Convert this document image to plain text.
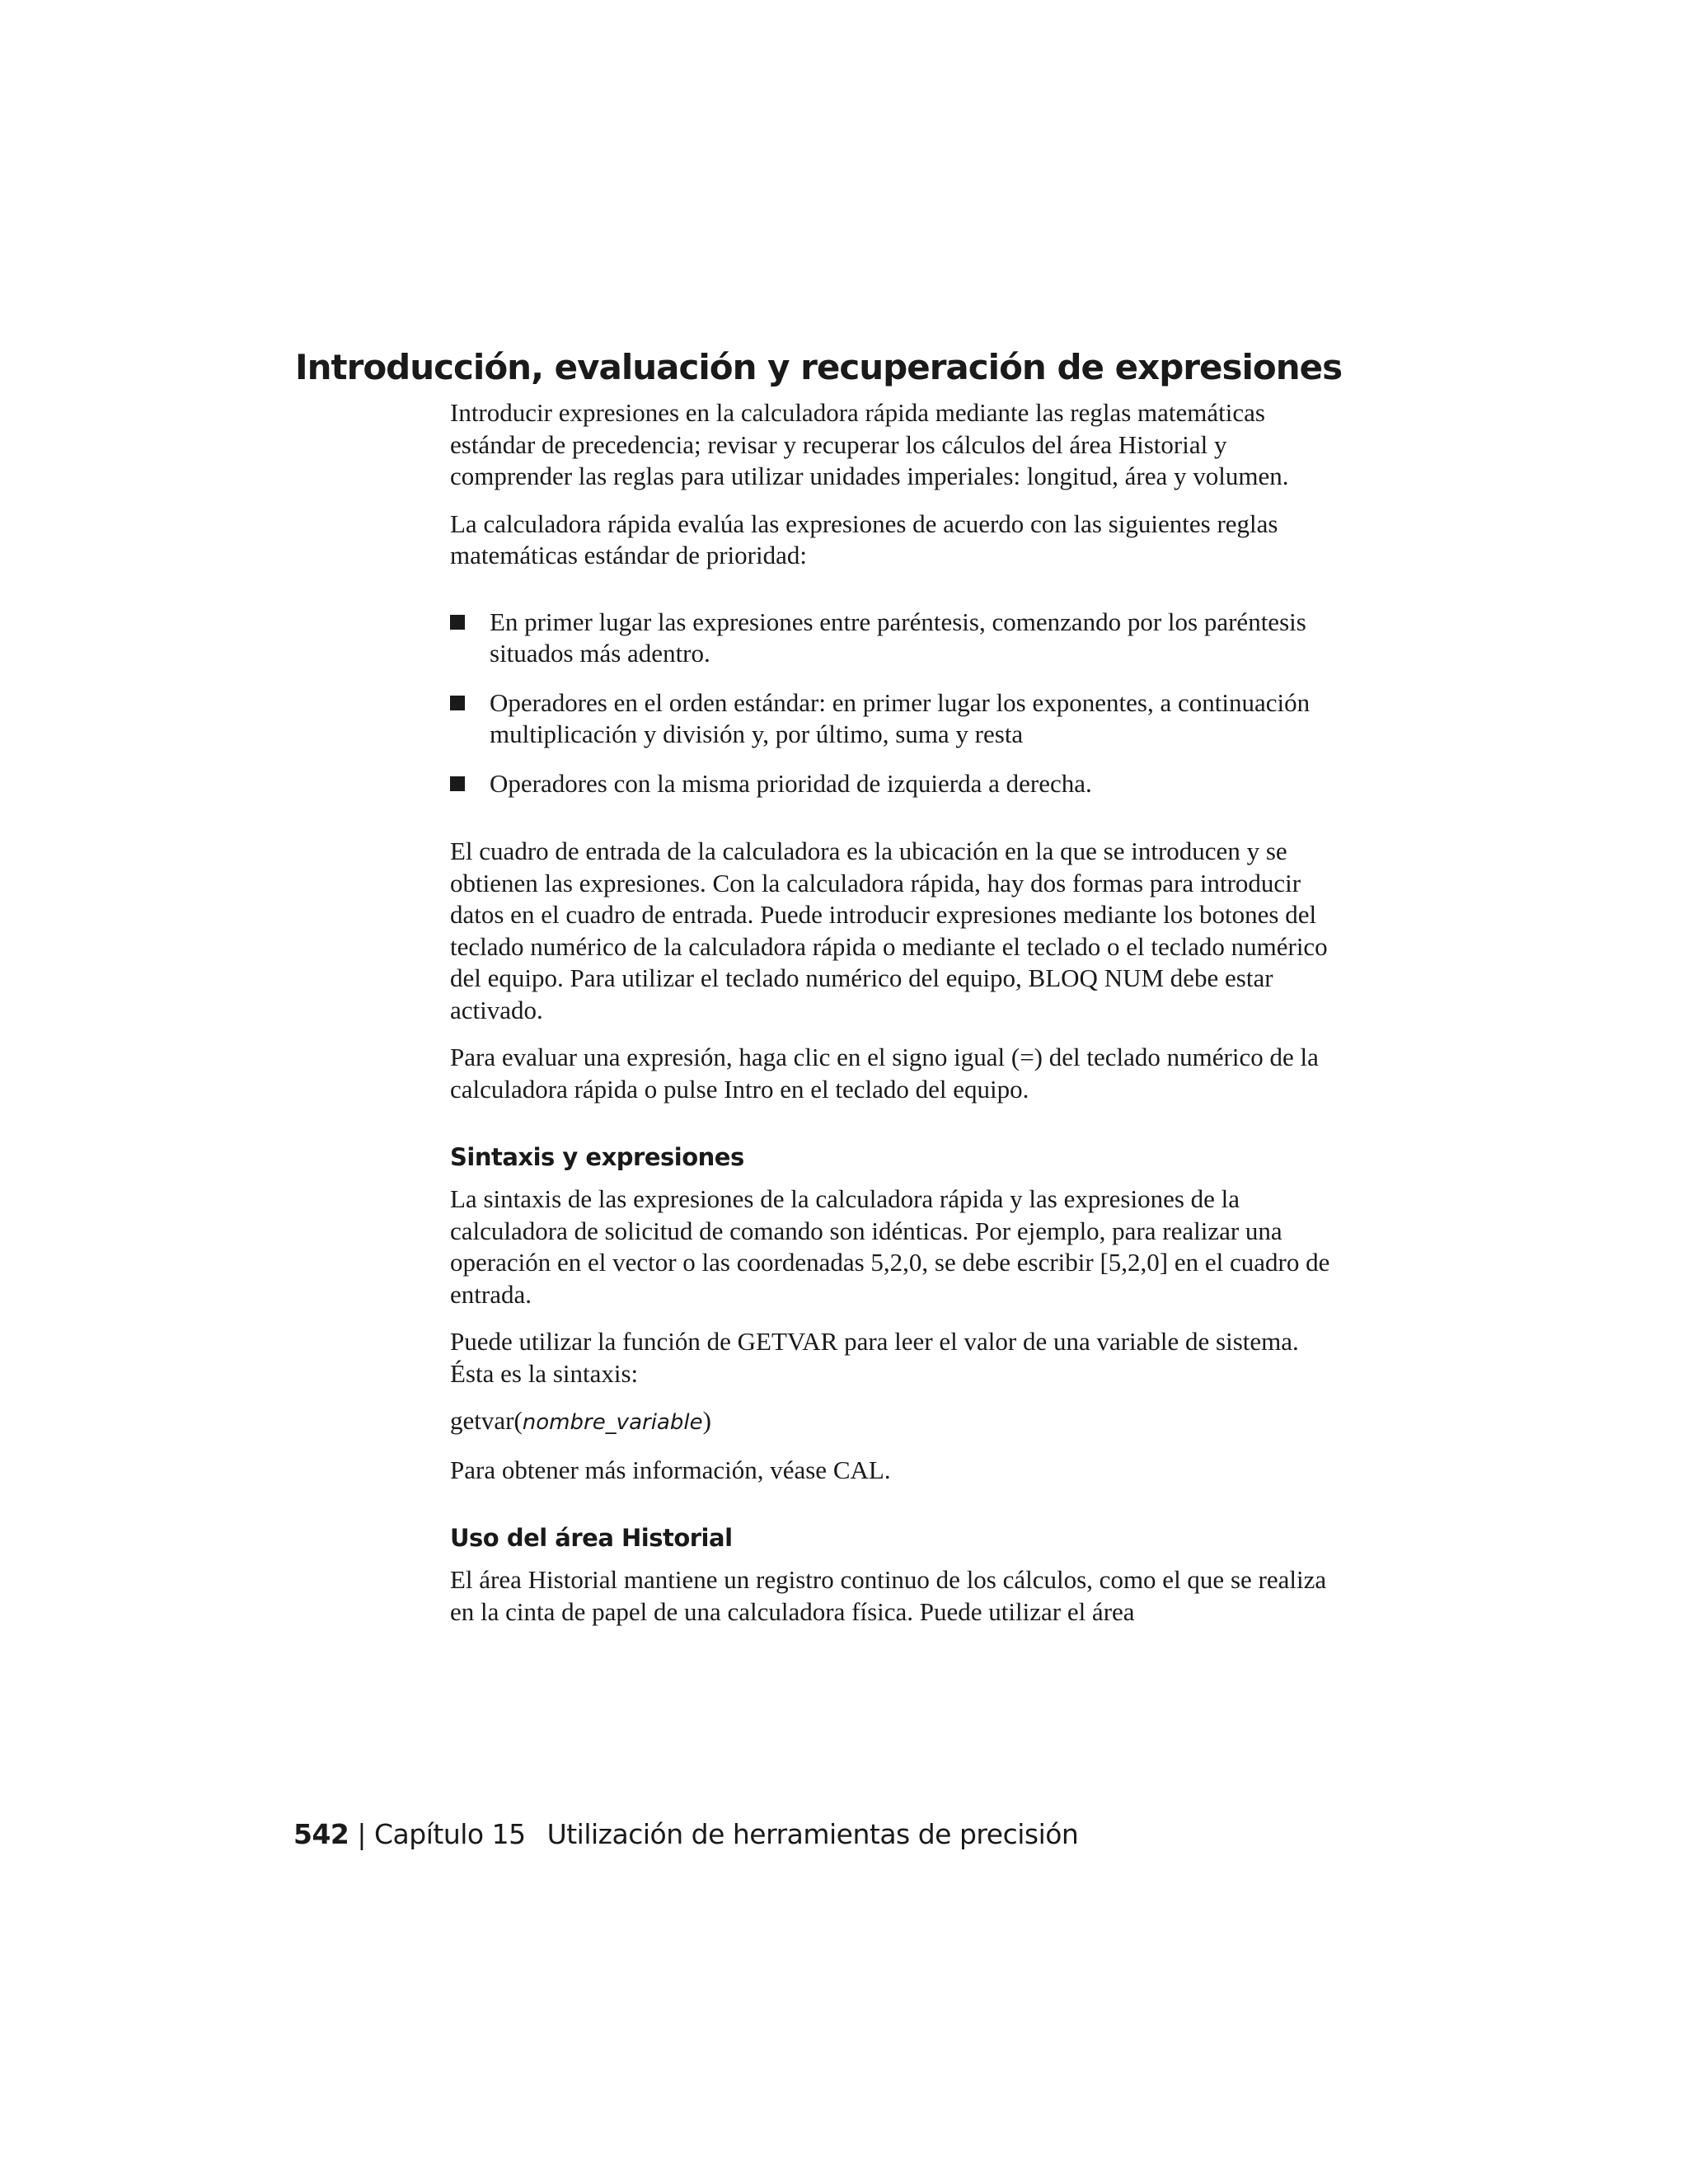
Introducción, evaluación y recuperación de expresiones

Introducir expresiones en la calculadora rápida mediante las reglas matemáticas estándar de precedencia; revisar y recuperar los cálculos del área Historial y comprender las reglas para utilizar unidades imperiales: longitud, área y volumen.

La calculadora rápida evalúa las expresiones de acuerdo con las siguientes reglas matemáticas estándar de prioridad:

En primer lugar las expresiones entre paréntesis, comenzando por los paréntesis situados más adentro.
Operadores en el orden estándar: en primer lugar los exponentes, a continuación multiplicación y división y, por último, suma y resta
Operadores con la misma prioridad de izquierda a derecha.

El cuadro de entrada de la calculadora es la ubicación en la que se introducen y se obtienen las expresiones. Con la calculadora rápida, hay dos formas para introducir datos en el cuadro de entrada. Puede introducir expresiones mediante los botones del teclado numérico de la calculadora rápida o mediante el teclado o el teclado numérico del equipo. Para utilizar el teclado numérico del equipo, BLOQ NUM debe estar activado.

Para evaluar una expresión, haga clic en el signo igual (=) del teclado numérico de la calculadora rápida o pulse Intro en el teclado del equipo.

Sintaxis y expresiones

La sintaxis de las expresiones de la calculadora rápida y las expresiones de la calculadora de solicitud de comando son idénticas. Por ejemplo, para realizar una operación en el vector o las coordenadas 5,2,0, se debe escribir [5,2,0] en el cuadro de entrada.

Puede utilizar la función de GETVAR para leer el valor de una variable de sistema. Ésta es la sintaxis:

getvar(nombre_variable)

Para obtener más información, véase CAL.

Uso del área Historial

El área Historial mantiene un registro continuo de los cálculos, como el que se realiza en la cinta de papel de una calculadora física. Puede utilizar el área

542 | Capítulo 15 Utilización de herramientas de precisión
